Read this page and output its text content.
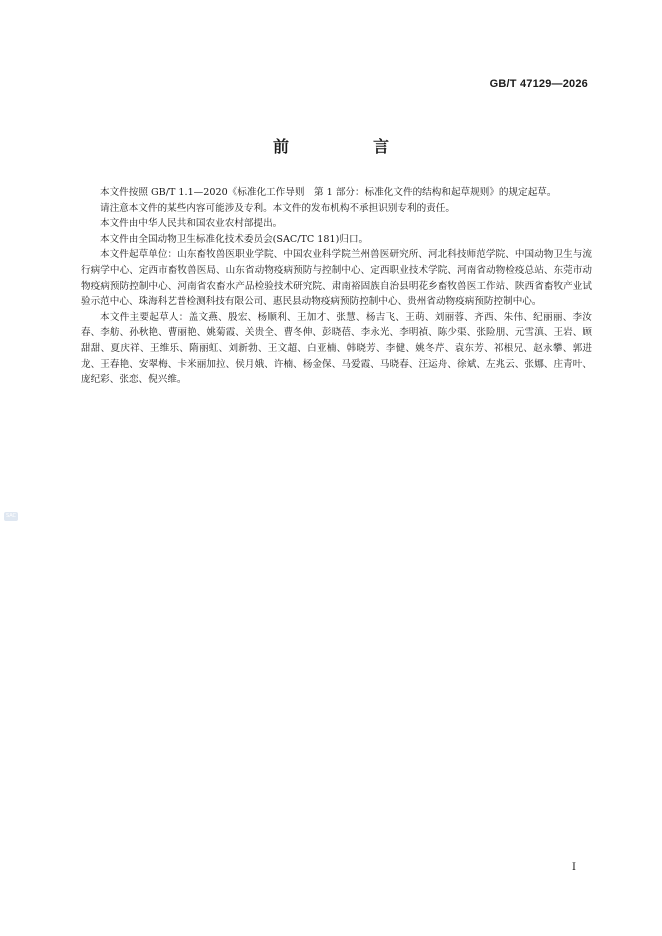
GB/T 47129—2026
前　言

本文件按照 GB/T 1.1—2020《标准化工作导则　第 1 部分：标准化文件的结构和起草规则》的规定起草。

请注意本文件的某些内容可能涉及专利。本文件的发布机构不承担识别专利的责任。

本文件由中华人民共和国农业农村部提出。

本文件由全国动物卫生标准化技术委员会(SAC/TC 181)归口。

本文件起草单位：山东畜牧兽医职业学院、中国农业科学院兰州兽医研究所、河北科技师范学院、中国动物卫生与流行病学中心、定西市畜牧兽医局、山东省动物疫病预防与控制中心、定西职业技术学院、河南省动物检疫总站、东莞市动物疫病预防控制中心、河南省农畜水产品检验技术研究院、肃南裕固族自治县明花乡畜牧兽医工作站、陕西省畜牧产业试验示范中心、珠海科艺普检测科技有限公司、惠民县动物疫病预防控制中心、贵州省动物疫病预防控制中心。

本文件主要起草人：盖文燕、殷宏、杨顺利、王加才、张慧、杨吉飞、王萌、刘丽蓉、齐西、朱伟、纪丽丽、李汝春、李舫、孙秋艳、曹丽艳、姚菊霞、关贵全、曹冬伸、彭晓蓓、李永光、李明禎、陈少渠、张险朋、元雪滇、王岩、顾甜甜、夏庆祥、王维乐、隋丽虹、刘新勃、王文超、白亚楠、韩晓芳、李健、姚冬芹、袁东芳、祁根兄、赵永攀、郭进龙、王春艳、安翠梅、卡米丽加拉、侯月娥、许楠、杨金保、马爱霞、马晓春、汪运舟、徐斌、左兆云、张娜、庄青叶、庞纪彩、张恋、倪兴维。

SAC
I
